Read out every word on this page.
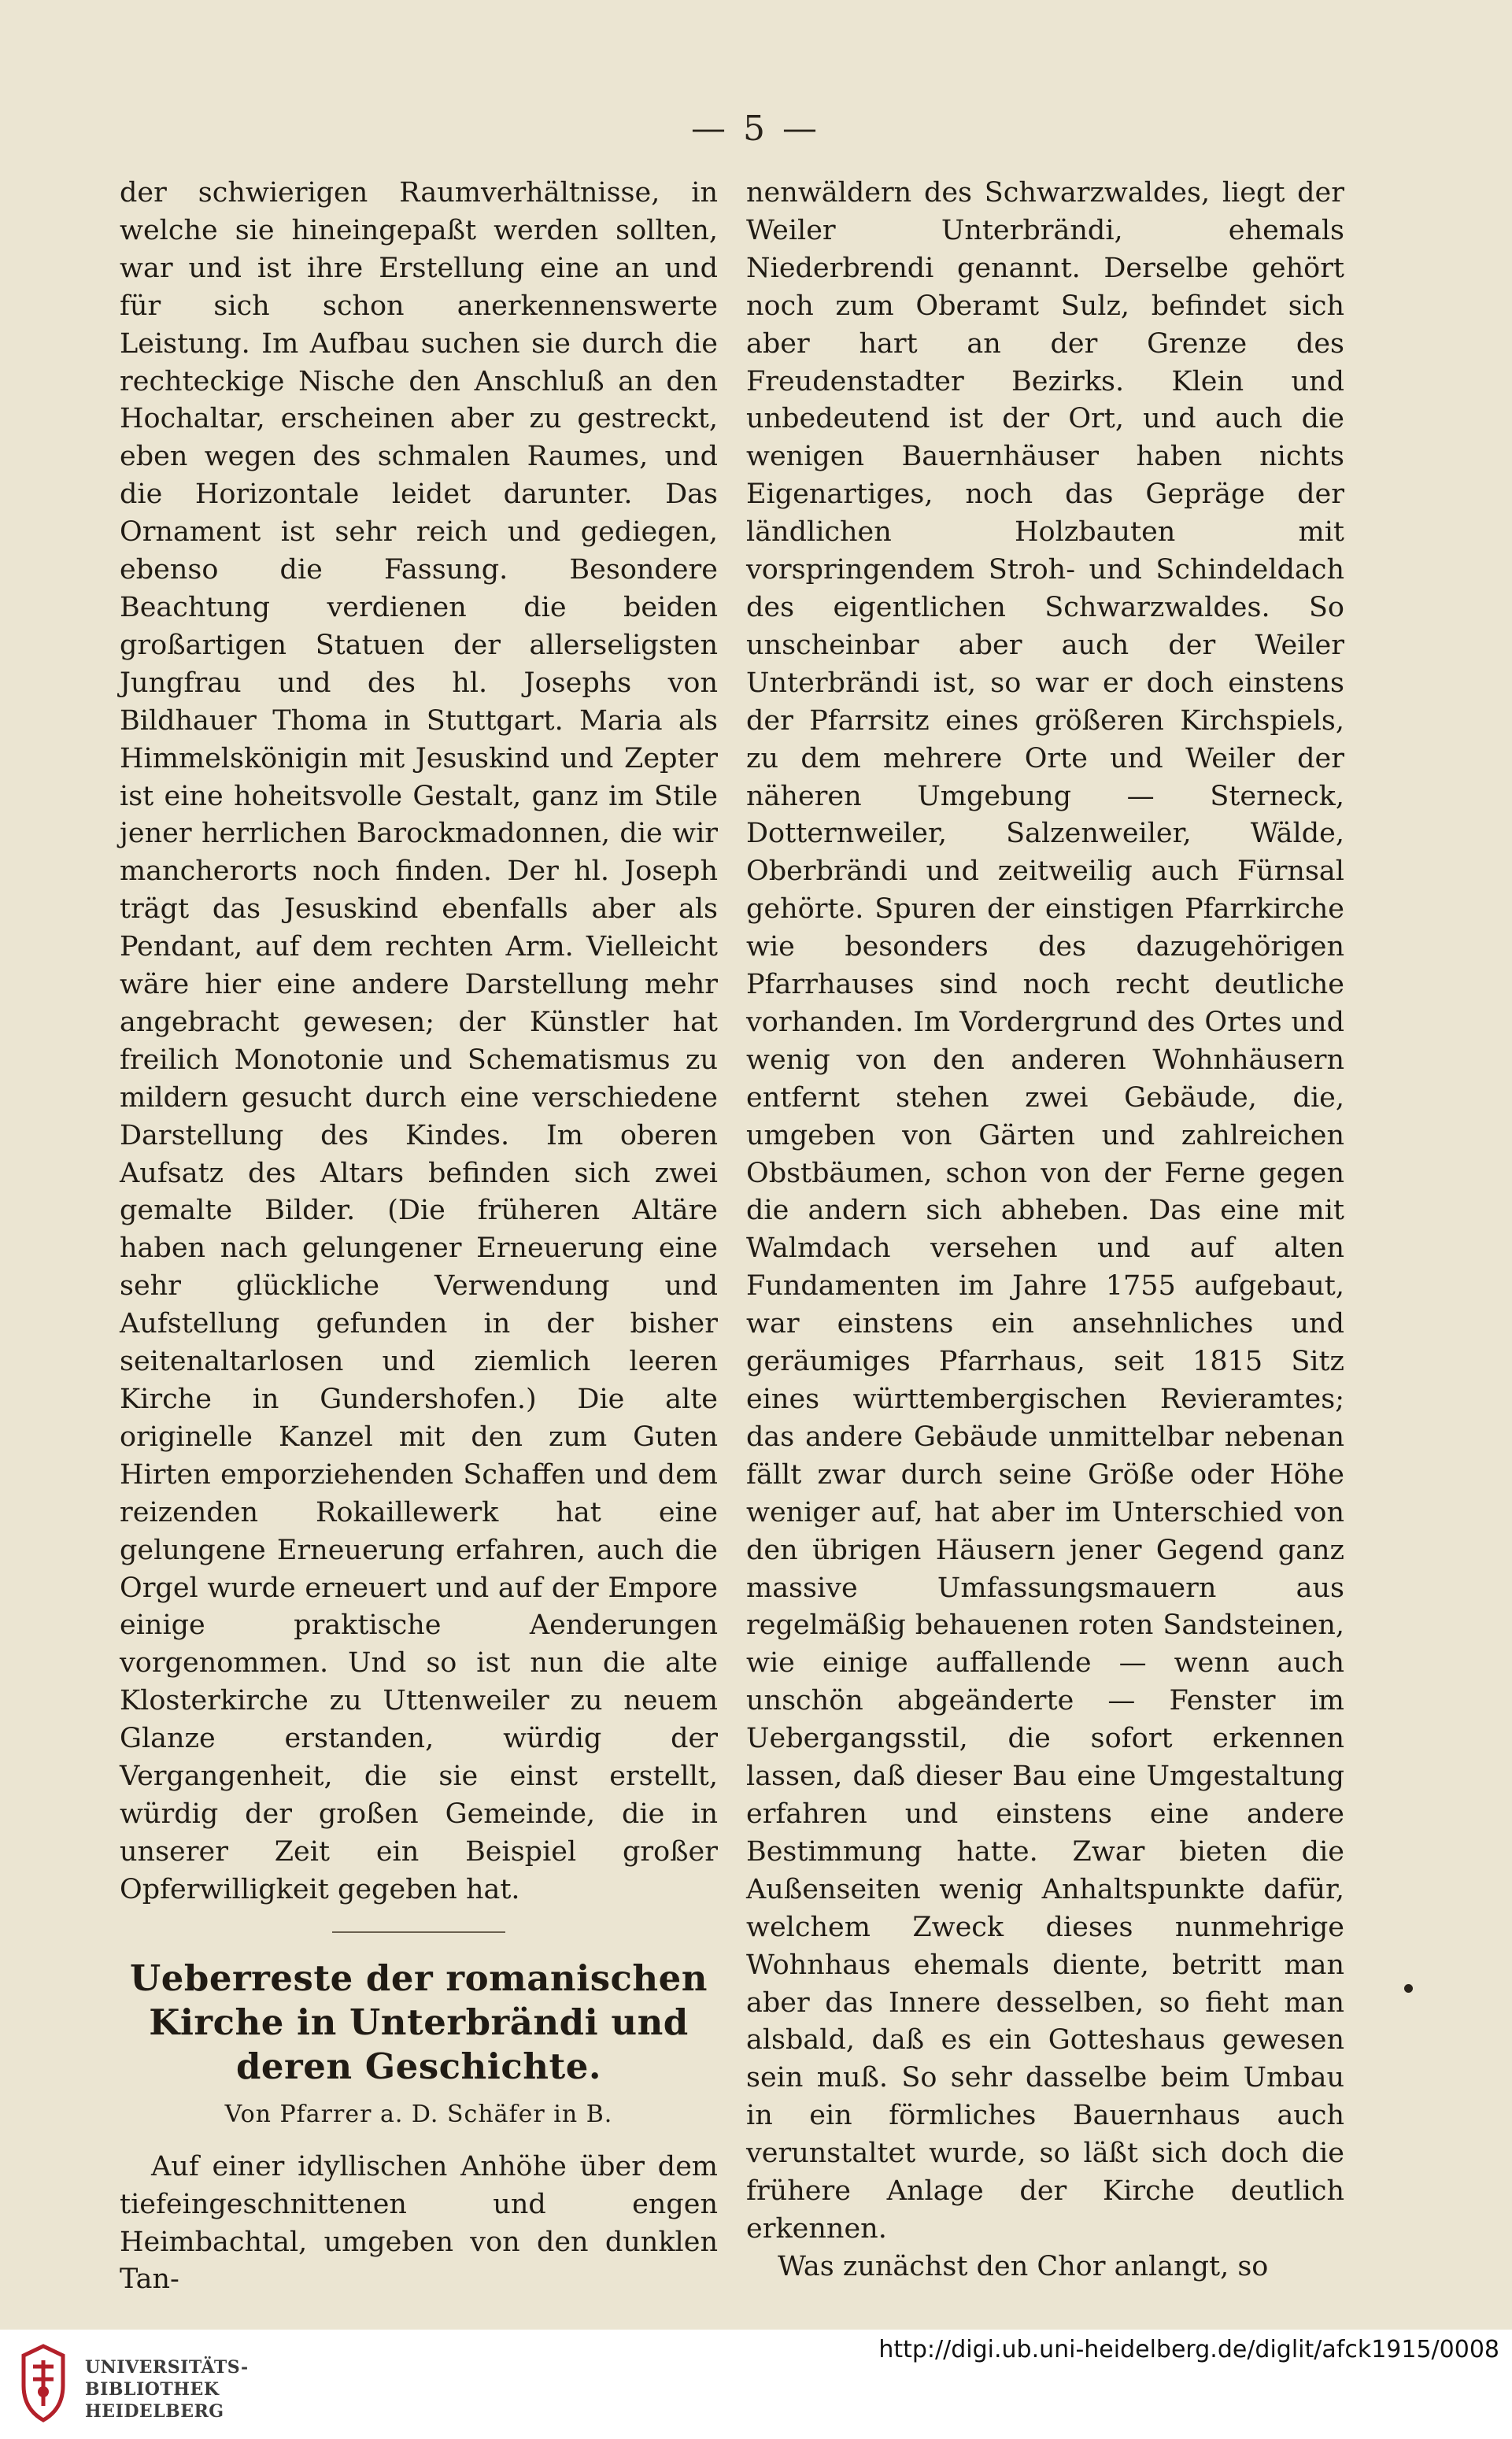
— 5 —

der schwierigen Raumverhältnisse, in welche sie hineingepaßt werden sollten, war und ist ihre Erstellung eine an und für sich schon anerkennenswerte Leistung. Im Aufbau suchen sie durch die rechteckige Nische den Anschluß an den Hochaltar, erscheinen aber zu gestreckt, eben wegen des schmalen Raumes, und die Horizontale leidet darunter. Das Ornament ist sehr reich und gediegen, ebenso die Fassung. Besondere Beachtung verdienen die beiden großartigen Statuen der allerseligsten Jungfrau und des hl. Josephs von Bildhauer Thoma in Stuttgart. Maria als Himmelskönigin mit Jesuskind und Zepter ist eine hoheitsvolle Gestalt, ganz im Stile jener herrlichen Barockmadonnen, die wir mancherorts noch finden. Der hl. Joseph trägt das Jesuskind ebenfalls aber als Pendant, auf dem rechten Arm. Vielleicht wäre hier eine andere Darstellung mehr angebracht gewesen; der Künstler hat freilich Monotonie und Schematismus zu mildern gesucht durch eine verschiedene Darstellung des Kindes. Im oberen Aufsatz des Altars befinden sich zwei gemalte Bilder. (Die früheren Altäre haben nach gelungener Erneuerung eine sehr glückliche Verwendung und Aufstellung gefunden in der bisher seitenaltarlosen und ziemlich leeren Kirche in Gundershofen.) Die alte originelle Kanzel mit den zum Guten Hirten emporziehenden Schaffen und dem reizenden Rokaillewerk hat eine gelungene Erneuerung erfahren, auch die Orgel wurde erneuert und auf der Empore einige praktische Aenderungen vorgenommen. Und so ist nun die alte Klosterkirche zu Uttenweiler zu neuem Glanze erstanden, würdig der Vergangenheit, die sie einst erstellt, würdig der großen Gemeinde, die in unserer Zeit ein Beispiel großer Opferwilligkeit gegeben hat.

Ueberreste der romanischen Kirche in Unterbrändi und deren Geschichte.
Von Pfarrer a. D. Schäfer in B.

Auf einer idyllischen Anhöhe über dem tiefeingeschnittenen und engen Heimbachtal, umgeben von den dunklen Tan-

nenwäldern des Schwarzwaldes, liegt der Weiler Unterbrändi, ehemals Niederbrendi genannt. Derselbe gehört noch zum Oberamt Sulz, befindet sich aber hart an der Grenze des Freudenstadter Bezirks. Klein und unbedeutend ist der Ort, und auch die wenigen Bauernhäuser haben nichts Eigenartiges, noch das Gepräge der ländlichen Holzbauten mit vorspringendem Stroh- und Schindeldach des eigentlichen Schwarzwaldes. So unscheinbar aber auch der Weiler Unterbrändi ist, so war er doch einstens der Pfarrsitz eines größeren Kirchspiels, zu dem mehrere Orte und Weiler der näheren Umgebung — Sterneck, Dotternweiler, Salzenweiler, Wälde, Oberbrändi und zeitweilig auch Fürnsal gehörte. Spuren der einstigen Pfarrkirche wie besonders des dazugehörigen Pfarrhauses sind noch recht deutliche vorhanden. Im Vordergrund des Ortes und wenig von den anderen Wohnhäusern entfernt stehen zwei Gebäude, die, umgeben von Gärten und zahlreichen Obstbäumen, schon von der Ferne gegen die andern sich abheben. Das eine mit Walmdach versehen und auf alten Fundamenten im Jahre 1755 aufgebaut, war einstens ein ansehnliches und geräumiges Pfarrhaus, seit 1815 Sitz eines württembergischen Revieramtes; das andere Gebäude unmittelbar nebenan fällt zwar durch seine Größe oder Höhe weniger auf, hat aber im Unterschied von den übrigen Häusern jener Gegend ganz massive Umfassungsmauern aus regelmäßig behauenen roten Sandsteinen, wie einige auffallende — wenn auch unschön abgeänderte — Fenster im Uebergangsstil, die sofort erkennen lassen, daß dieser Bau eine Umgestaltung erfahren und einstens eine andere Bestimmung hatte. Zwar bieten die Außenseiten wenig Anhaltspunkte dafür, welchem Zweck dieses nunmehrige Wohnhaus ehemals diente, betritt man aber das Innere desselben, so fieht man alsbald, daß es ein Gotteshaus gewesen sein muß. So sehr dasselbe beim Umbau in ein förmliches Bauernhaus auch verunstaltet wurde, so läßt sich doch die frühere Anlage der Kirche deutlich erkennen.

Was zunächst den Chor anlangt, so

UNIVERSITÄTS-
BIBLIOTHEK
HEIDELBERG
http://digi.ub.uni-heidelberg.de/diglit/afck1915/0008
